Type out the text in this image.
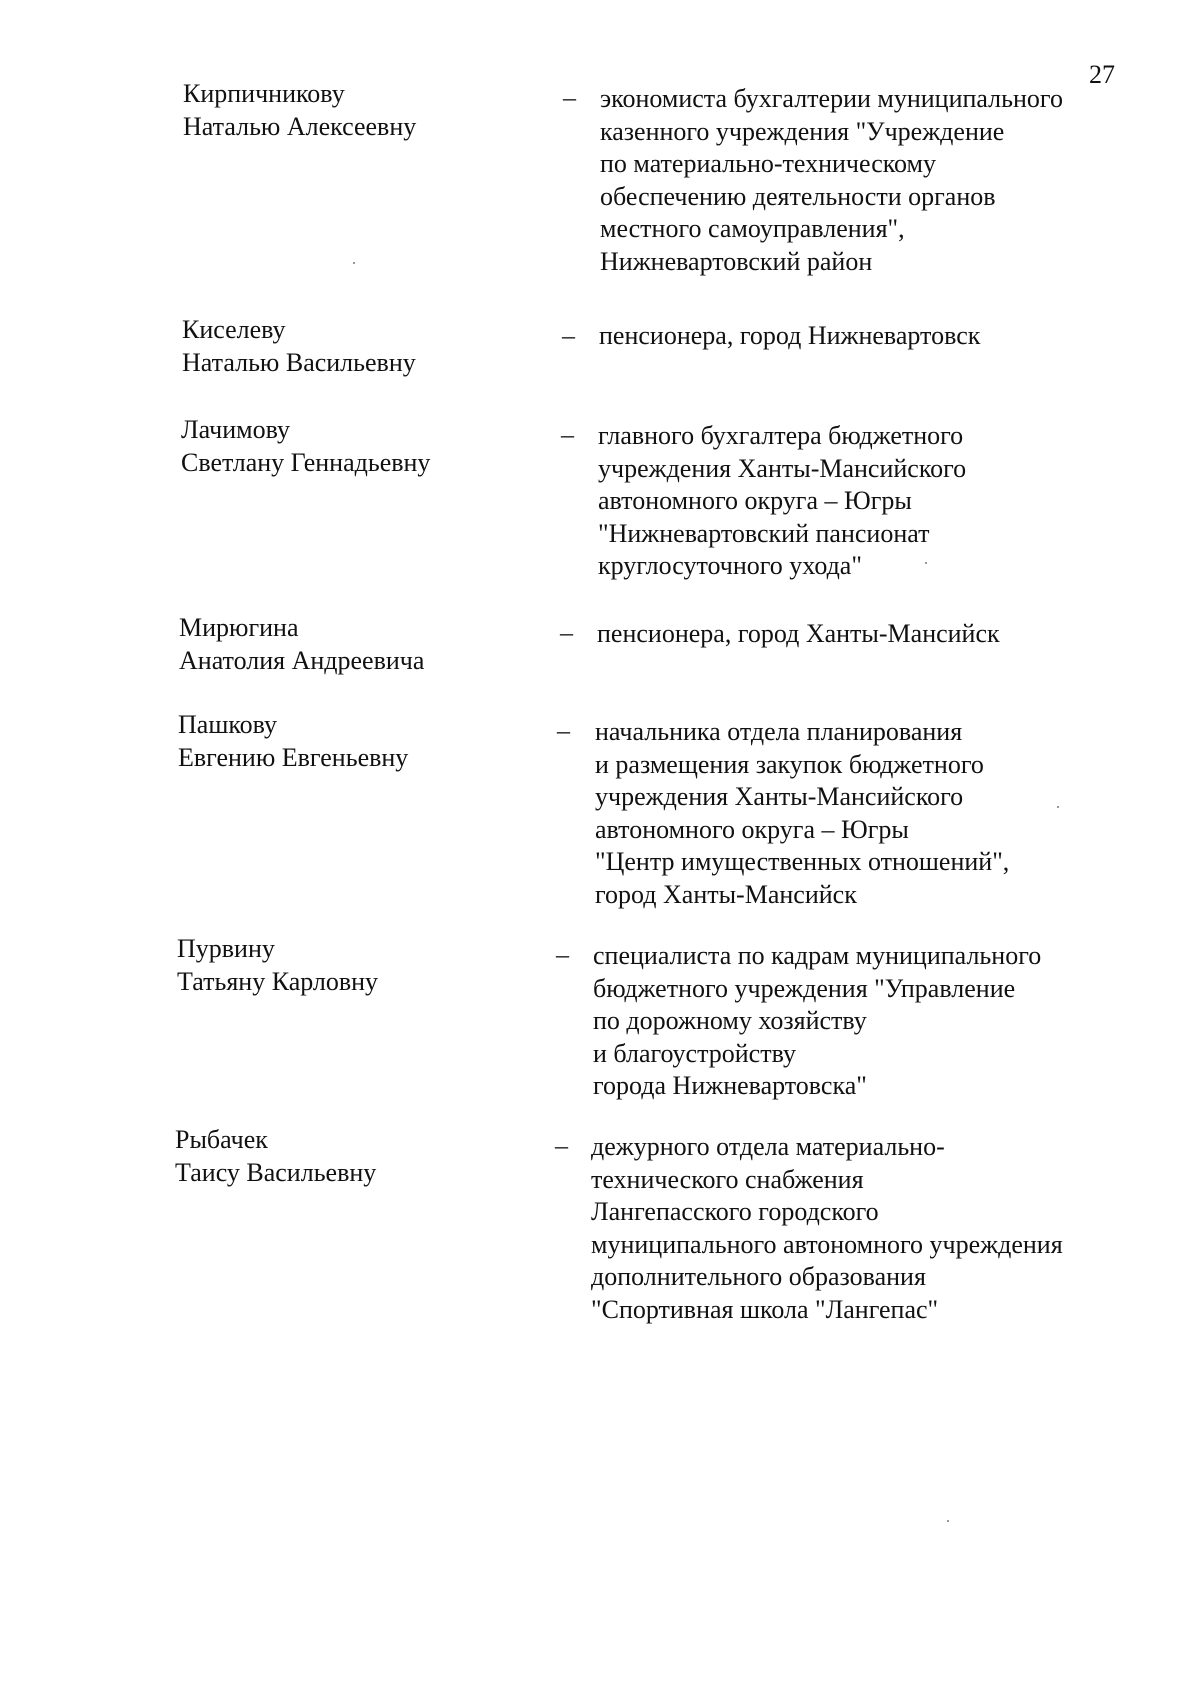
27
Кирпичникову
Наталью Алексеевну
– экономиста бухгалтерии муниципального
казенного учреждения "Учреждение
по материально-техническому
обеспечению деятельности органов
местного самоуправления",
Нижневартовский район
Киселеву
Наталью Васильевну
– пенсионера, город Нижневартовск
Лачимову
Светлану Геннадьевну
– главного бухгалтера бюджетного
учреждения Ханты-Мансийского
автономного округа – Югры
"Нижневартовский пансионат
круглосуточного ухода"
Мирюгина
Анатолия Андреевича
– пенсионера, город Ханты-Мансийск
Пашкову
Евгению Евгеньевну
– начальника отдела планирования
и размещения закупок бюджетного
учреждения Ханты-Мансийского
автономного округа – Югры
"Центр имущественных отношений",
город Ханты-Мансийск
Пурвину
Татьяну Карловну
– специалиста по кадрам муниципального
бюджетного учреждения "Управление
по дорожному хозяйству
и благоустройству
города Нижневартовска"
Рыбачек
Таису Васильевну
– дежурного отдела материально-
технического снабжения
Лангепасского городского
муниципального автономного учреждения
дополнительного образования
"Спортивная школа "Лангепас"
